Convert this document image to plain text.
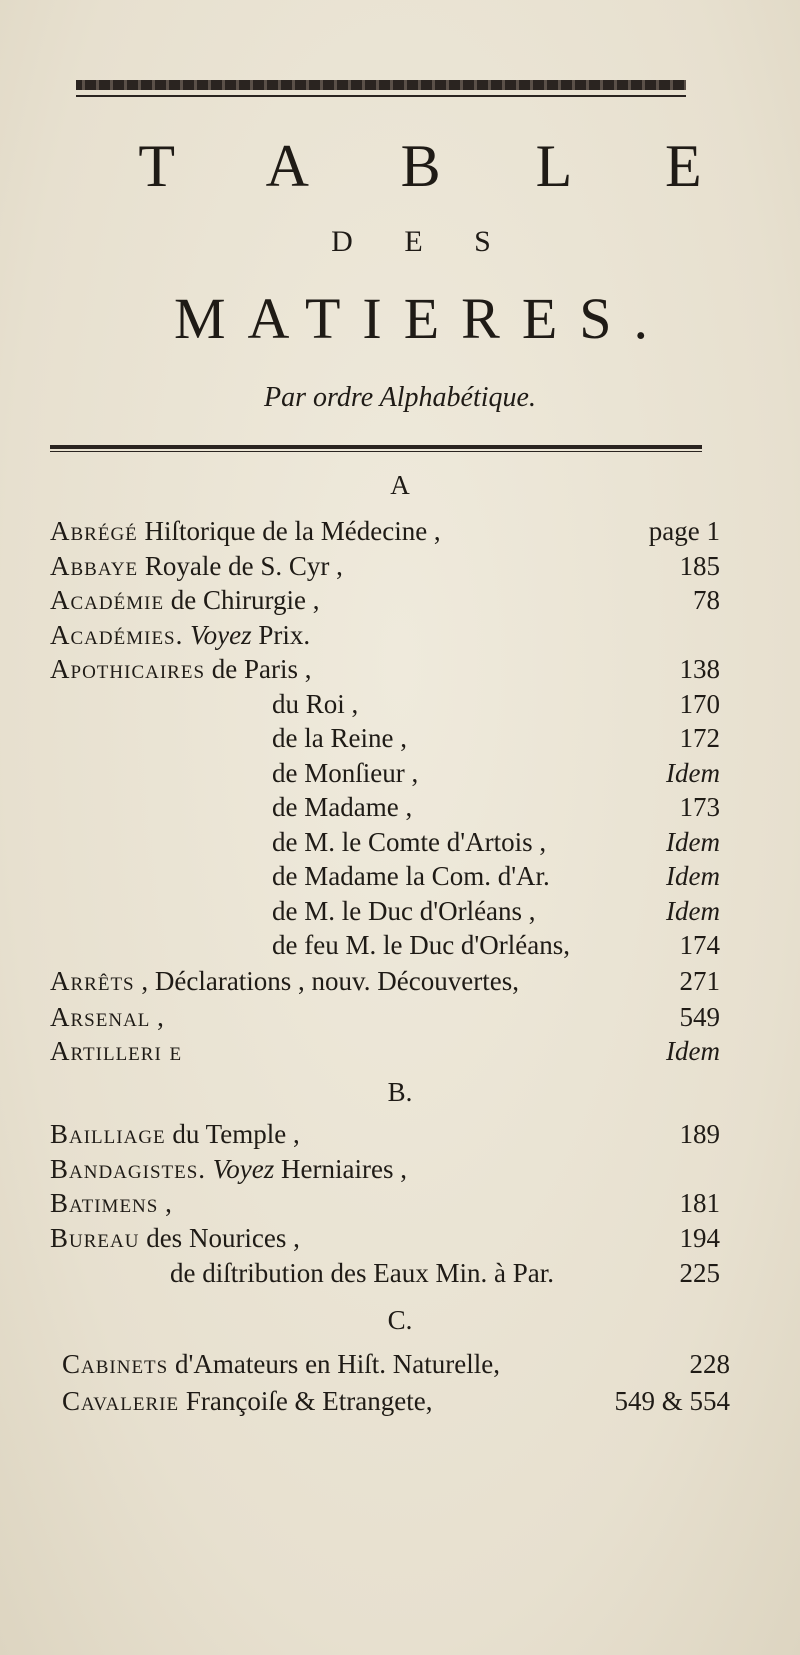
T A B L E
D E S
MATIERES.
Par ordre Alphabétique.
A
B.
C.
Abrégé Hiſtorique de la Médecine ,	page 1
Abbaye Royale de S. Cyr ,	185
Académie de Chirurgie ,	78
Académies. Voyez Prix.
Apothicaires de Paris ,	138
du Roi ,	170
de la Reine ,	172
de Monſieur ,	Idem
de Madame ,	173
de M. le Comte d'Artois ,	Idem
de Madame la Com. d'Ar.	Idem
de M. le Duc d'Orléans ,	Idem
de feu M. le Duc d'Orléans,	174
Arrêts , Déclarations , nouv. Découvertes,	271
Arsenal ,	549
Artilleri e	Idem
Bailliage du Temple ,	189
Bandagistes. Voyez Herniaires ,
Batimens ,	181
Bureau des Nourices ,	194
de diſtribution des Eaux Min. à Par.	225
Cabinets d'Amateurs en Hiſt. Naturelle,	228
Cavalerie Françoiſe & Etrangete,	549 & 554
